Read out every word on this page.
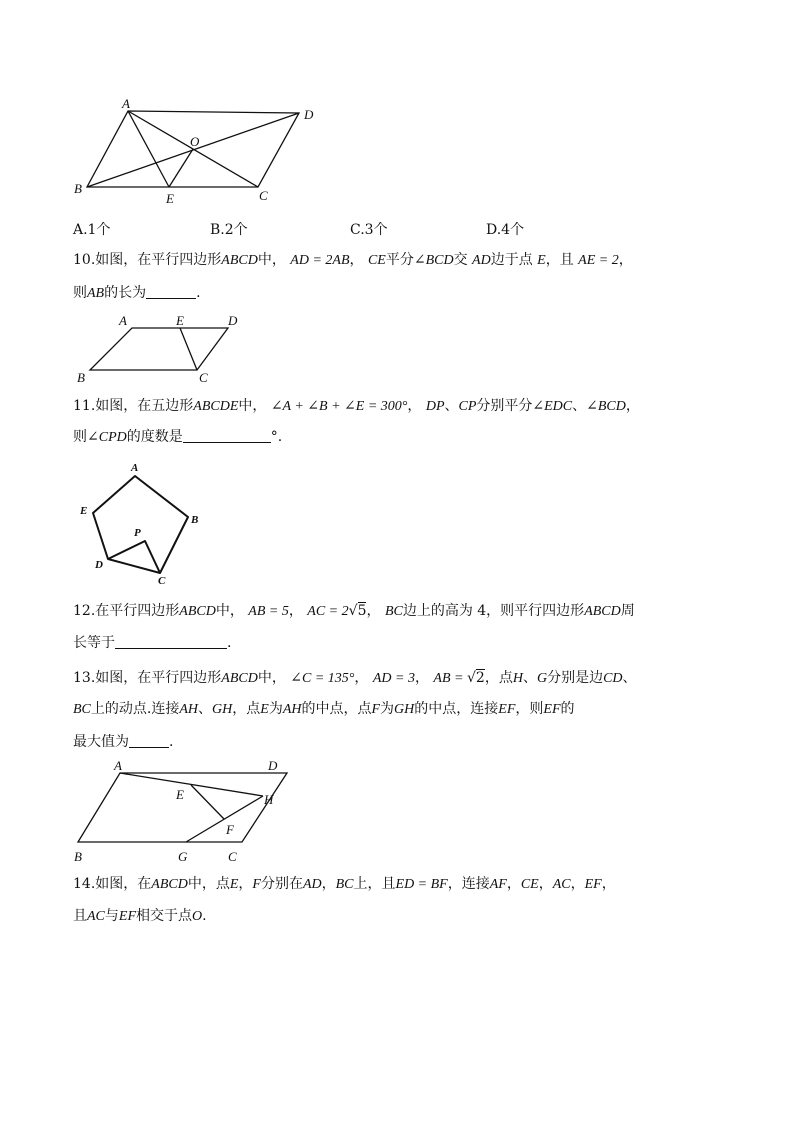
A
D
O
B	C
E
A.1个	B.2个	C.3个	D.4个
10.如图，在平行四边形ABCD中， AD = 2AB， CE平分∠BCD交 AD边于点 E，且 AE = 2，
则AB的长为	.
A	E	D
B	C
11.如图，在五边形ABCDE中， ∠A + ∠B + ∠E = 300°， DP、CP分别平分∠EDC、∠BCD，
则∠CPD的度数是	°.
A
B
C
D
E
P
12.在平行四边形ABCD中， AB = 5， AC = 2√5， BC边上的高为 4，则平行四边形ABCD周
长等于	.
13.如图，在平行四边形ABCD中， ∠C = 135°， AD = 3， AB = √2，点H、G分别是边CD、
BC上的动点.连接AH、GH，点E为AH的中点，点F为GH的中点，连接EF，则EF的
最大值为	.
A	D
E	H
F
B	G	C
14.如图，在ABCD中，点E，F分别在AD，BC上，且ED = BF，连接AF，CE，AC，EF，
且AC与EF相交于点O.
